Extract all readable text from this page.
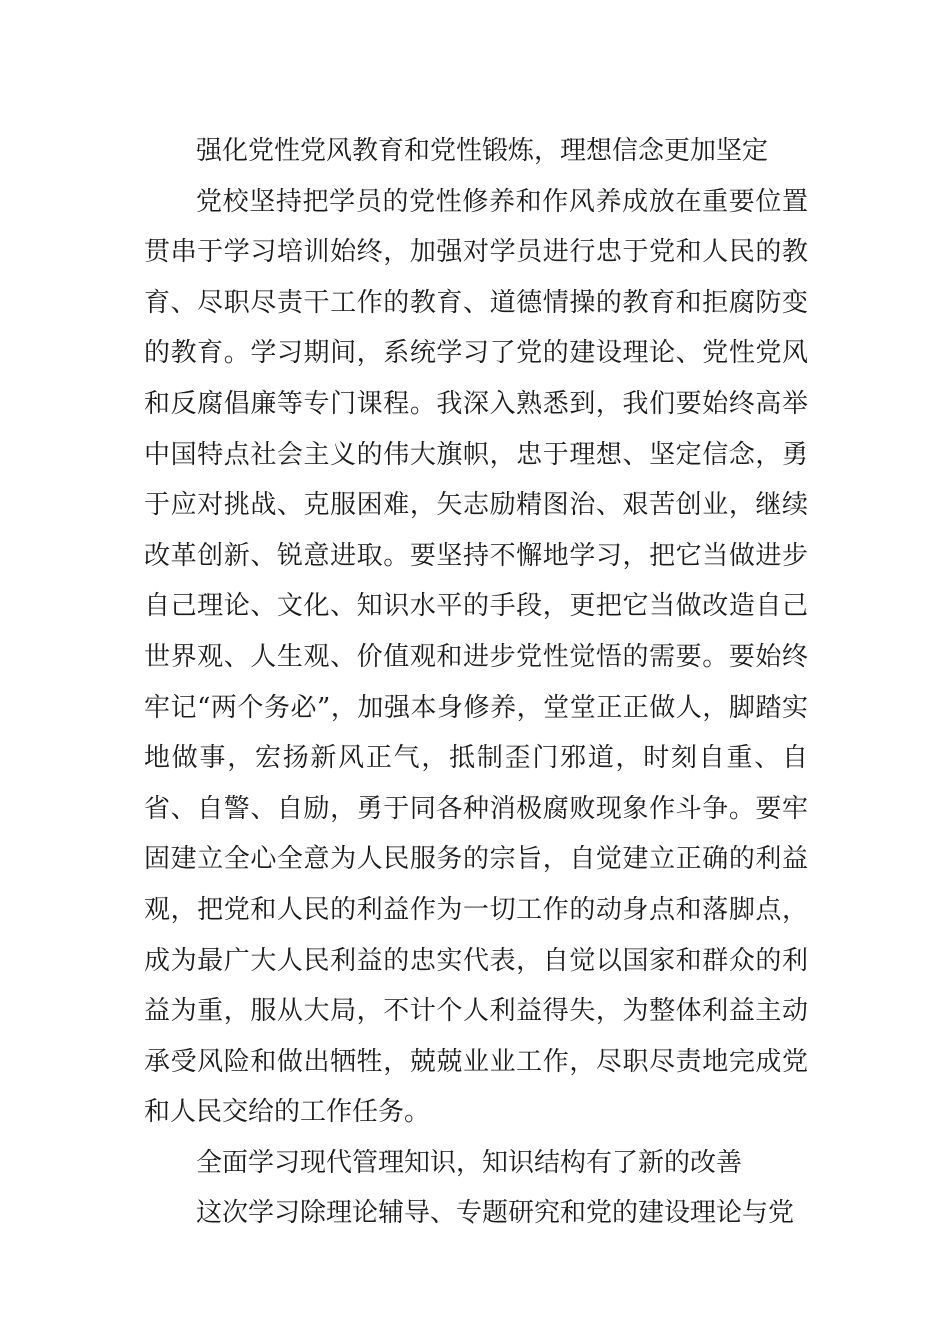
强化党性党风教育和党性锻炼，理想信念更加坚定

党校坚持把学员的党性修养和作风养成放在重要位置贯串于学习培训始终，加强对学员进行忠于党和人民的教育、尽职尽责干工作的教育、道德情操的教育和拒腐防变的教育。学习期间，系统学习了党的建设理论、党性党风和反腐倡廉等专门课程。我深入熟悉到，我们要始终高举中国特点社会主义的伟大旗帜，忠于理想、坚定信念，勇于应对挑战、克服困难，矢志励精图治、艰苦创业，继续改革创新、锐意进取。要坚持不懈地学习，把它当做进步自己理论、文化、知识水平的手段，更把它当做改造自己世界观、人生观、价值观和进步党性觉悟的需要。要始终牢记“两个务必”，加强本身修养，堂堂正正做人，脚踏实地做事，宏扬新风正气，抵制歪门邪道，时刻自重、自省、自警、自励，勇于同各种消极腐败现象作斗争。要牢固建立全心全意为人民服务的宗旨，自觉建立正确的利益观，把党和人民的利益作为一切工作的动身点和落脚点，成为最广大人民利益的忠实代表，自觉以国家和群众的利益为重，服从大局，不计个人利益得失，为整体利益主动承受风险和做出牺牲，兢兢业业工作，尽职尽责地完成党和人民交给的工作任务。

全面学习现代管理知识，知识结构有了新的改善

这次学习除理论辅导、专题研究和党的建设理论与党
